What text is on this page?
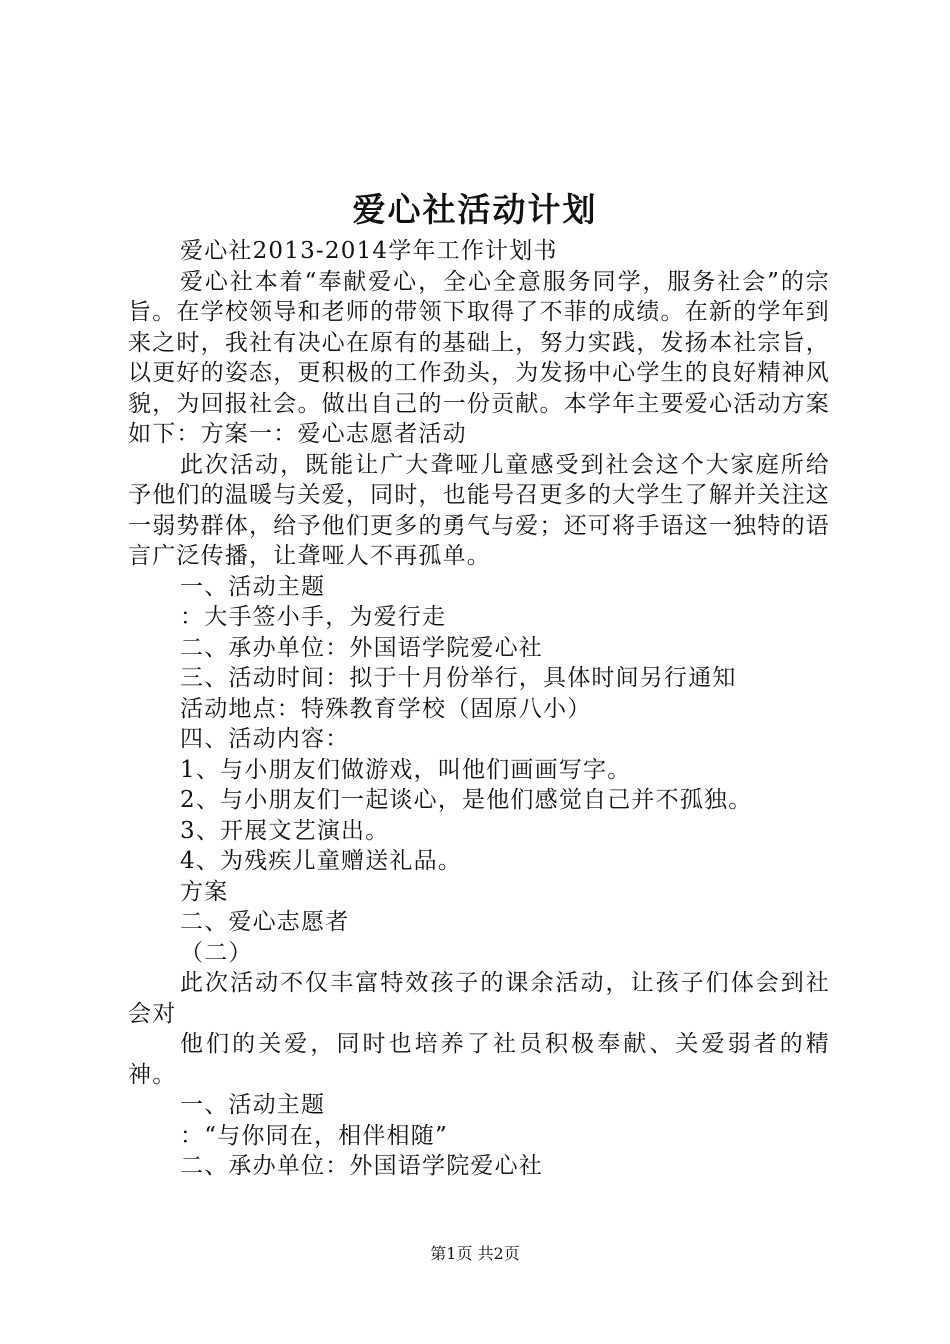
爱心社活动计划

爱心社2013-2014学年工作计划书

爱心社本着“奉献爱心，全心全意服务同学，服务社会”的宗旨。在学校领导和老师的带领下取得了不菲的成绩。在新的学年到来之时，我社有决心在原有的基础上，努力实践，发扬本社宗旨，以更好的姿态，更积极的工作劲头，为发扬中心学生的良好精神风貌，为回报社会。做出自己的一份贡献。本学年主要爱心活动方案如下：方案一：爱心志愿者活动

此次活动，既能让广大聋哑儿童感受到社会这个大家庭所给予他们的温暖与关爱，同时，也能号召更多的大学生了解并关注这一弱势群体，给予他们更多的勇气与爱；还可将手语这一独特的语言广泛传播，让聋哑人不再孤单。

一、活动主题

：大手签小手，为爱行走

二、承办单位：外国语学院爱心社

三、活动时间：拟于十月份举行，具体时间另行通知

活动地点：特殊教育学校（固原八小）

四、活动内容：

1、与小朋友们做游戏，叫他们画画写字。

2、与小朋友们一起谈心，是他们感觉自己并不孤独。

3、开展文艺演出。

4、为残疾儿童赠送礼品。

方案

二、爱心志愿者

（二）

此次活动不仅丰富特效孩子的课余活动，让孩子们体会到社会对

他们的关爱，同时也培养了社员积极奉献、关爱弱者的精神。

一、活动主题

：“与你同在，相伴相随”

二、承办单位：外国语学院爱心社

第1页 共2页
